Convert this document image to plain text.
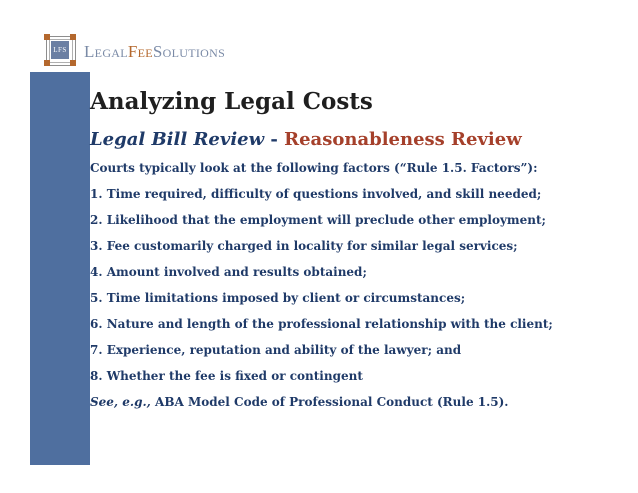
LFS LegalFeeSolutions
Analyzing Legal Costs
Legal Bill Review - Reasonableness Review
Courts typically look at the following factors (“Rule 1.5. Factors”):
1. Time required, difficulty of questions involved, and skill needed;
2. Likelihood that the employment will preclude other employment;
3. Fee customarily charged in locality for similar legal services;
4. Amount involved and results obtained;
5. Time limitations imposed by client or circumstances;
6. Nature and length of the professional relationship with the client;
7. Experience, reputation and ability of the lawyer; and
8. Whether the fee is fixed or contingent
See, e.g., ABA Model Code of Professional Conduct (Rule 1.5).
